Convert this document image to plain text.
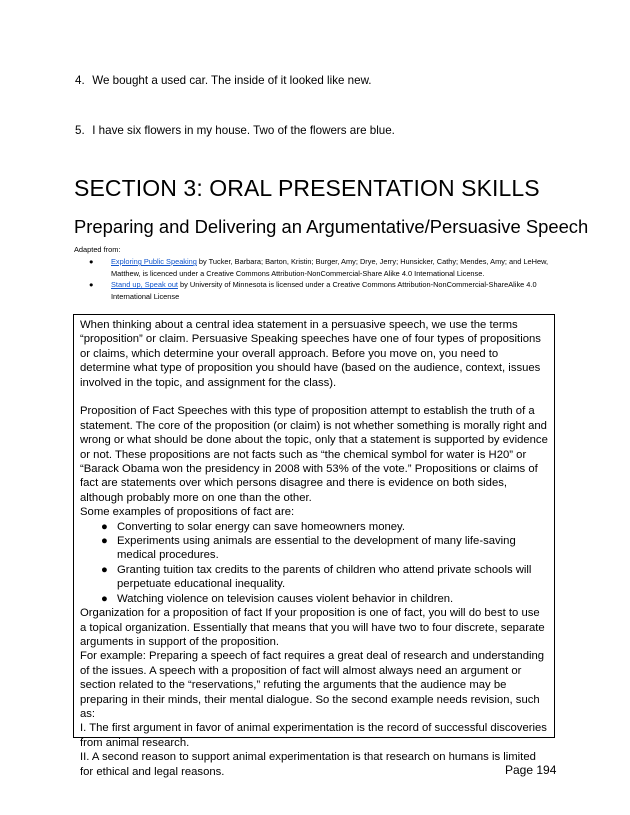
4. We bought a used car. The inside of it looked like new.
5. I have six flowers in my house. Two of the flowers are blue.
SECTION 3: ORAL PRESENTATION SKILLS
Preparing and Delivering an Argumentative/Persuasive Speech
Adapted from:
● Exploring Public Speaking by Tucker, Barbara; Barton, Kristin; Burger, Amy; Drye, Jerry; Hunsicker, Cathy; Mendes, Amy; and LeHew, Matthew, is licenced under a Creative Commons Attribution-NonCommercial-Share Alike 4.0 International License.
● Stand up, Speak out by University of Minnesota is licensed under a Creative Commons Attribution-NonCommercial-ShareAlike 4.0 International License

When thinking about a central idea statement in a persuasive speech, we use the terms “proposition” or claim. Persuasive Speaking speeches have one of four types of propositions or claims, which determine your overall approach. Before you move on, you need to determine what type of proposition you should have (based on the audience, context, issues involved in the topic, and assignment for the class).

Proposition of Fact Speeches with this type of proposition attempt to establish the truth of a statement. The core of the proposition (or claim) is not whether something is morally right and wrong or what should be done about the topic, only that a statement is supported by evidence or not. These propositions are not facts such as “the chemical symbol for water is H20” or “Barack Obama won the presidency in 2008 with 53% of the vote.” Propositions or claims of fact are statements over which persons disagree and there is evidence on both sides, although probably more on one than the other.

Some examples of propositions of fact are:

● Converting to solar energy can save homeowners money.
● Experiments using animals are essential to the development of many life-saving medical procedures.
● Granting tuition tax credits to the parents of children who attend private schools will perpetuate educational inequality.
● Watching violence on television causes violent behavior in children.

Organization for a proposition of fact If your proposition is one of fact, you will do best to use a topical organization. Essentially that means that you will have two to four discrete, separate arguments in support of the proposition.

For example: Preparing a speech of fact requires a great deal of research and understanding of the issues. A speech with a proposition of fact will almost always need an argument or section related to the “reservations,” refuting the arguments that the audience may be preparing in their minds, their mental dialogue. So the second example needs revision, such as:

I. The first argument in favor of animal experimentation is the record of successful discoveries from animal research.

II. A second reason to support animal experimentation is that research on humans is limited for ethical and legal reasons.	Page 194
